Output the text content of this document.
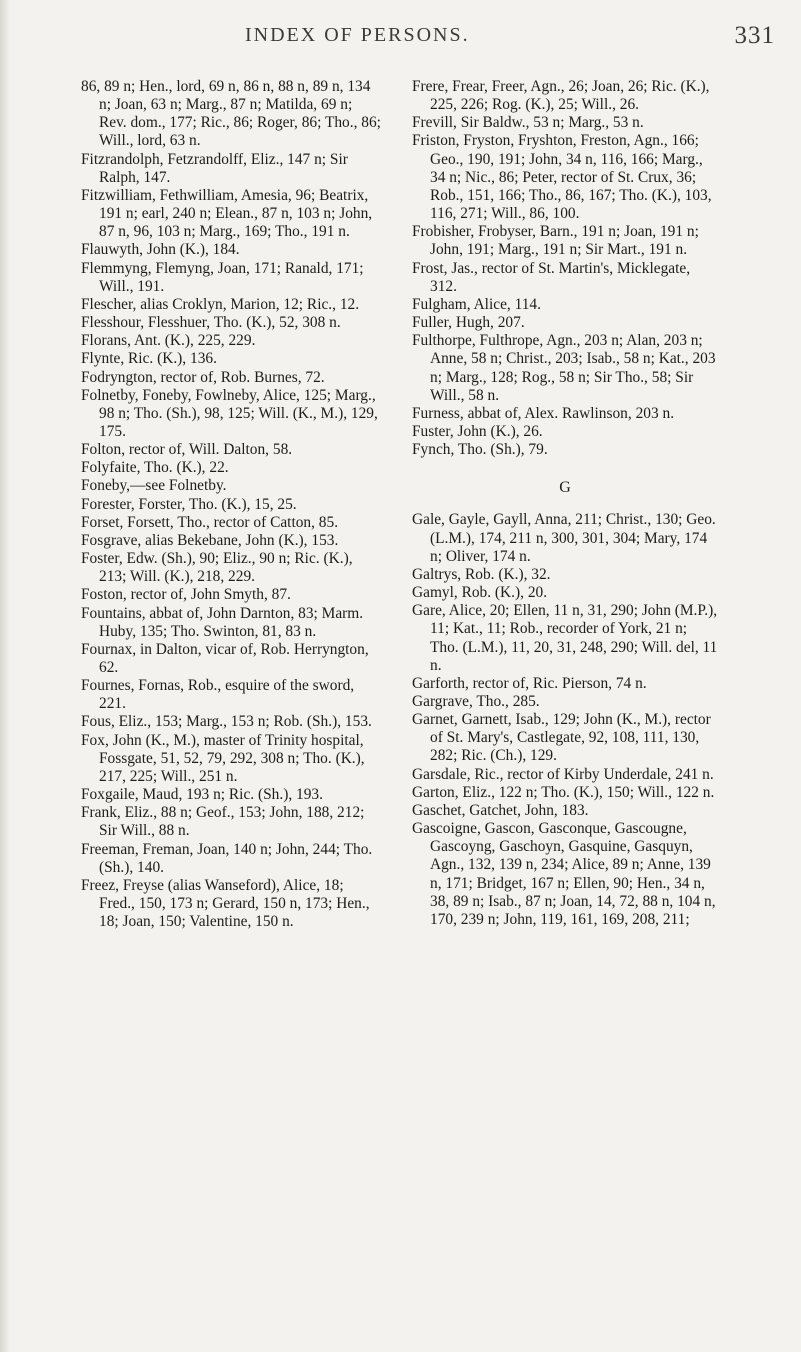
INDEX OF PERSONS.	331

86, 89 n; Hen., lord, 69 n, 86 n, 88 n, 89 n, 134 n; Joan, 63 n; Marg., 87 n; Matilda, 69 n; Rev. dom., 177; Ric., 86; Roger, 86; Tho., 86; Will., lord, 63 n.

Fitzrandolph, Fetzrandolff, Eliz., 147 n; Sir Ralph, 147.

Fitzwilliam, Fethwilliam, Amesia, 96; Beatrix, 191 n; earl, 240 n; Elean., 87 n, 103 n; John, 87 n, 96, 103 n; Marg., 169; Tho., 191 n.

Flauwyth, John (K.), 184.

Flemmyng, Flemyng, Joan, 171; Ranald, 171; Will., 191.

Flescher, alias Croklyn, Marion, 12; Ric., 12.

Flesshour, Flesshuer, Tho. (K.), 52, 308 n.

Florans, Ant. (K.), 225, 229.

Flynte, Ric. (K.), 136.

Fodryngton, rector of, Rob. Burnes, 72.

Folnetby, Foneby, Fowlneby, Alice, 125; Marg., 98 n; Tho. (Sh.), 98, 125; Will. (K., M.), 129, 175.

Folton, rector of, Will. Dalton, 58.

Folyfaite, Tho. (K.), 22.

Foneby,—see Folnetby.

Forester, Forster, Tho. (K.), 15, 25.

Forset, Forsett, Tho., rector of Catton, 85.

Fosgrave, alias Bekebane, John (K.), 153.

Foster, Edw. (Sh.), 90; Eliz., 90 n; Ric. (K.), 213; Will. (K.), 218, 229.

Foston, rector of, John Smyth, 87.

Fountains, abbat of, John Darnton, 83; Marm. Huby, 135; Tho. Swinton, 81, 83 n.

Fournax, in Dalton, vicar of, Rob. Herryngton, 62.

Fournes, Fornas, Rob., esquire of the sword, 221.

Fous, Eliz., 153; Marg., 153 n; Rob. (Sh.), 153.

Fox, John (K., M.), master of Trinity hospital, Fossgate, 51, 52, 79, 292, 308 n; Tho. (K.), 217, 225; Will., 251 n.

Foxgaile, Maud, 193 n; Ric. (Sh.), 193.

Frank, Eliz., 88 n; Geof., 153; John, 188, 212; Sir Will., 88 n.

Freeman, Freman, Joan, 140 n; John, 244; Tho. (Sh.), 140.

Freez, Freyse (alias Wanseford), Alice, 18; Fred., 150, 173 n; Gerard, 150 n, 173; Hen., 18; Joan, 150; Valentine, 150 n.

Frere, Frear, Freer, Agn., 26; Joan, 26; Ric. (K.), 225, 226; Rog. (K.), 25; Will., 26.

Frevill, Sir Baldw., 53 n; Marg., 53 n.

Friston, Fryston, Fryshton, Freston, Agn., 166; Geo., 190, 191; John, 34 n, 116, 166; Marg., 34 n; Nic., 86; Peter, rector of St. Crux, 36; Rob., 151, 166; Tho., 86, 167; Tho. (K.), 103, 116, 271; Will., 86, 100.

Frobisher, Frobyser, Barn., 191 n; Joan, 191 n; John, 191; Marg., 191 n; Sir Mart., 191 n.

Frost, Jas., rector of St. Martin's, Micklegate, 312.

Fulgham, Alice, 114.

Fuller, Hugh, 207.

Fulthorpe, Fulthrope, Agn., 203 n; Alan, 203 n; Anne, 58 n; Christ., 203; Isab., 58 n; Kat., 203 n; Marg., 128; Rog., 58 n; Sir Tho., 58; Sir Will., 58 n.

Furness, abbat of, Alex. Rawlinson, 203 n.

Fuster, John (K.), 26.

Fynch, Tho. (Sh.), 79.

G

Gale, Gayle, Gayll, Anna, 211; Christ., 130; Geo. (L.M.), 174, 211 n, 300, 301, 304; Mary, 174 n; Oliver, 174 n.

Galtrys, Rob. (K.), 32.

Gamyl, Rob. (K.), 20.

Gare, Alice, 20; Ellen, 11 n, 31, 290; John (M.P.), 11; Kat., 11; Rob., recorder of York, 21 n; Tho. (L.M.), 11, 20, 31, 248, 290; Will. del, 11 n.

Garforth, rector of, Ric. Pierson, 74 n.

Gargrave, Tho., 285.

Garnet, Garnett, Isab., 129; John (K., M.), rector of St. Mary's, Castlegate, 92, 108, 111, 130, 282; Ric. (Ch.), 129.

Garsdale, Ric., rector of Kirby Underdale, 241 n.

Garton, Eliz., 122 n; Tho. (K.), 150; Will., 122 n.

Gaschet, Gatchet, John, 183.

Gascoigne, Gascon, Gasconque, Gascougne, Gascoyng, Gaschoyn, Gasquine, Gasquyn, Agn., 132, 139 n, 234; Alice, 89 n; Anne, 139 n, 171; Bridget, 167 n; Ellen, 90; Hen., 34 n, 38, 89 n; Isab., 87 n; Joan, 14, 72, 88 n, 104 n, 170, 239 n; John, 119, 161, 169, 208, 211;
